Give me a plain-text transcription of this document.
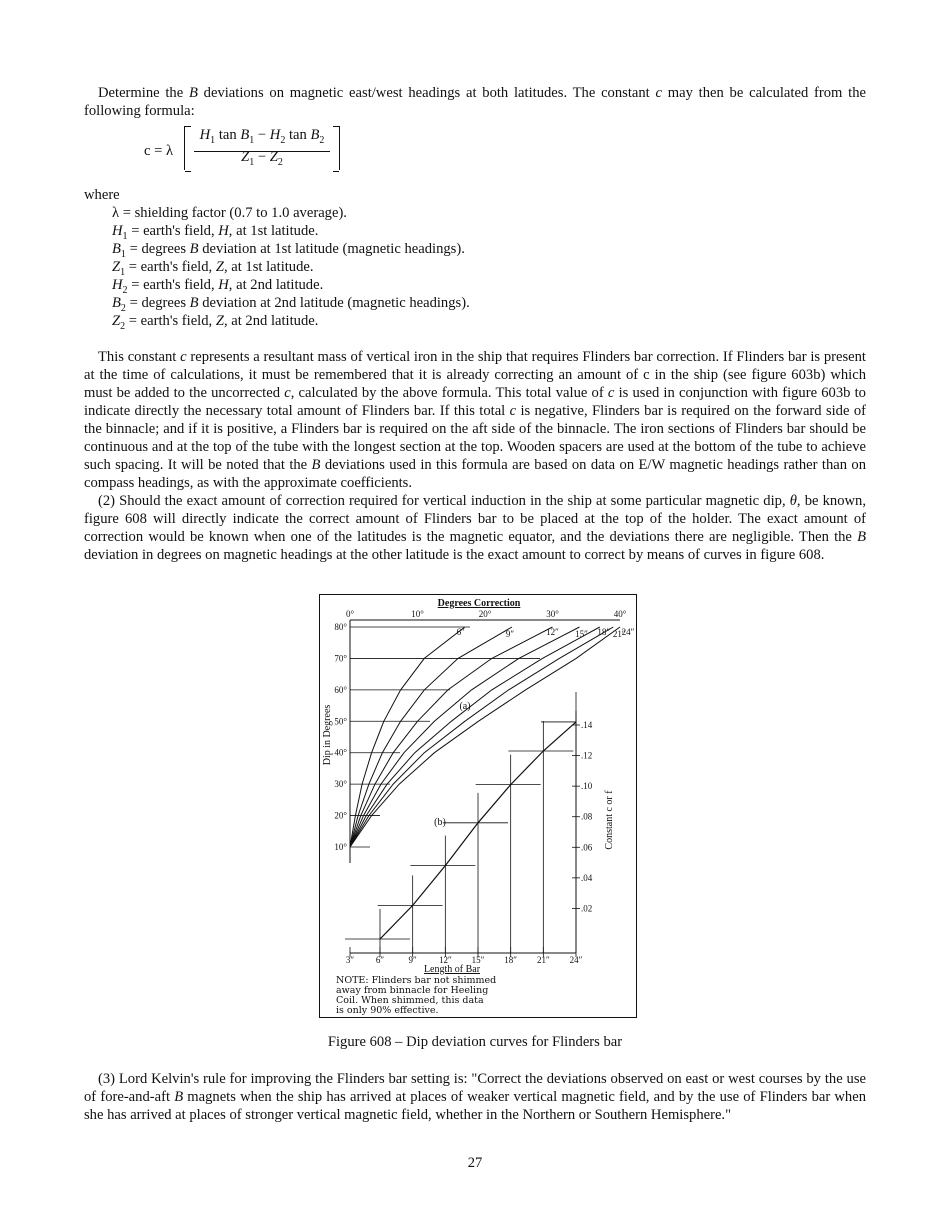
Determine the B deviations on magnetic east/west headings at both latitudes. The constant c may then be calculated from the following formula:

c = λ
$H_1$ $\tan B_1 - H_2$ $\tan B_2$
$Z_1 - Z_2$

where

λ = shielding factor (0.7 to 1.0 average).
$H_1$ = earth's field, H, at 1st latitude.
$B_1$ = degrees B deviation at 1st latitude (magnetic headings).
$Z_1$ = earth's field, Z, at 1st latitude.
$H_2$ = earth's field, H, at 2nd latitude.
$B_2$ = degrees B deviation at 2nd latitude (magnetic headings).
$Z_2$ = earth's field, Z, at 2nd latitude.

This constant c represents a resultant mass of vertical iron in the ship that requires Flinders bar correction. If Flinders bar is present at the time of calculations, it must be remembered that it is already correcting an amount of c in the ship (see figure 603b) which must be added to the uncorrected c, calculated by the above formula. This total value of c is used in conjunction with figure 603b to indicate directly the necessary total amount of Flinders bar. If this total c is negative, Flinders bar is required on the forward side of the binnacle; and if it is positive, a Flinders bar is required on the aft side of the binnacle. The iron sections of Flinders bar should be continuous and at the top of the tube with the longest section at the top. Wooden spacers are used at the bottom of the tube to achieve such spacing. It will be noted that the B deviations used in this formula are based on data on E/W magnetic headings rather than on compass headings, as with the approximate coefficients.

(2) Should the exact amount of correction required for vertical induction in the ship at some particular magnetic dip, θ, be known, figure 608 will directly indicate the correct amount of Flinders bar to be placed at the top of the holder. The exact amount of correction would be known when one of the latitudes is the magnetic equator, and the deviations there are negligible. Then the B deviation in degrees on magnetic headings at the other latitude is the exact amount to correct by means of curves in figure 608.

Degrees Correction
0°	10°	20°	30°	40°
80°
70°
60°
50°
40°
30°
20°
10°
Dip in Degrees	(a)
6″	9″	12″ 15″ 18″ 21″
24″
3″ 6″	9″ 12″ 15″ 18″ 21″ 24″
Length of Bar
.14
.12
.10
.08
.06
.04
.02
Constant c or f
(b)
NOTE: Flinders bar not shimmed
away from binnacle for Heeling
Coil. When shimmed, this data
is only 90% effective.
Figure 608 – Dip deviation curves for Flinders bar

(3) Lord Kelvin's rule for improving the Flinders bar setting is: "Correct the deviations observed on east or west courses by the use of fore-and-aft B magnets when the ship has arrived at places of weaker vertical magnetic field, and by the use of Flinders bar when she has arrived at places of stronger vertical magnetic field, whether in the Northern or Southern Hemisphere."

27
